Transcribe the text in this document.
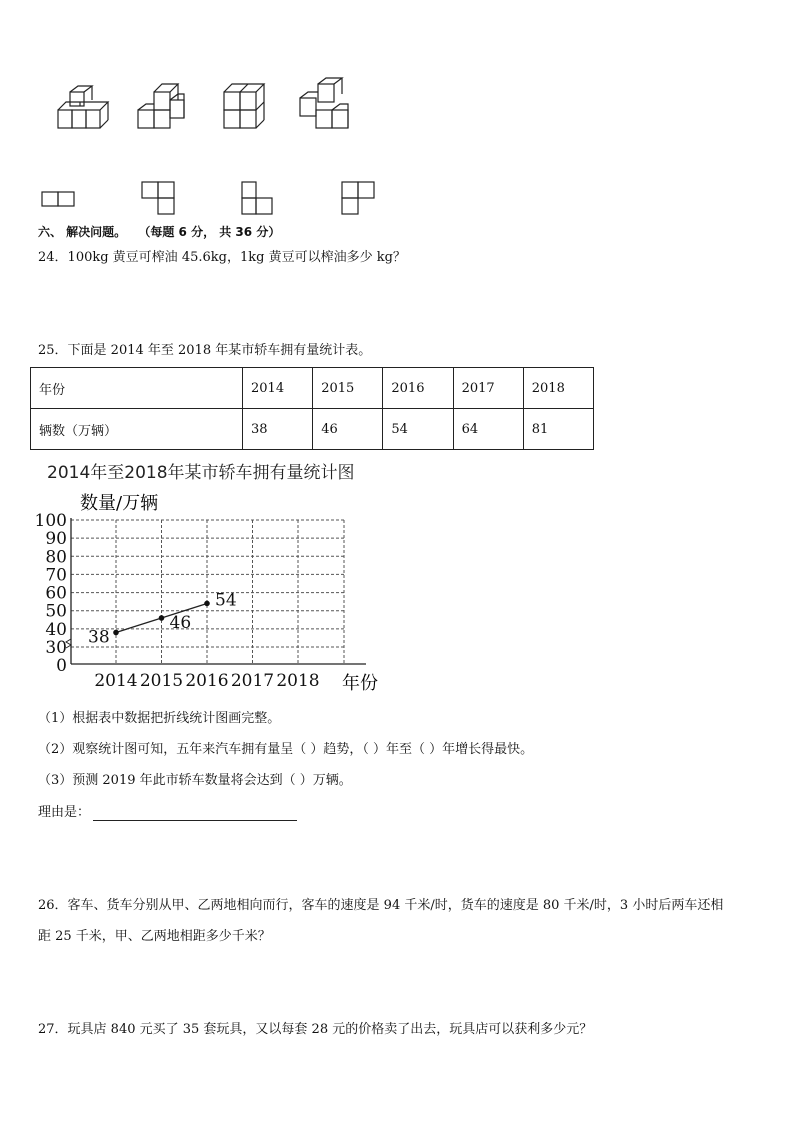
六、 解决问题。 （每题 6 分， 共 36 分）
24．100kg 黄豆可榨油 45.6kg，1kg 黄豆可以榨油多少 kg？
25．下面是 2014 年至 2018 年某市轿车拥有量统计表。
年份	2014	2015	2016	2017	2018
辆数（万辆）	38	46	54	64	81
2014年至2018年某市轿车拥有量统计图
数量/万辆
0
30
40
50
60
70
80
90
100
2014 2015 2016 2017 2018
38
46
54
年份
（1）根据表中数据把折线统计图画完整。
（2）观察统计图可知，五年来汽车拥有量呈（ ）趋势，（ ）年至（ ）年增长得最快。
（3）预测 2019 年此市轿车数量将会达到（ ）万辆。
理由是：
26．客车、货车分别从甲、乙两地相向而行，客车的速度是 94 千米/时，货车的速度是 80 千米/时，3 小时后两车还相
距 25 千米，甲、乙两地相距多少千米？
27．玩具店 840 元买了 35 套玩具，又以每套 28 元的价格卖了出去，玩具店可以获利多少元？
